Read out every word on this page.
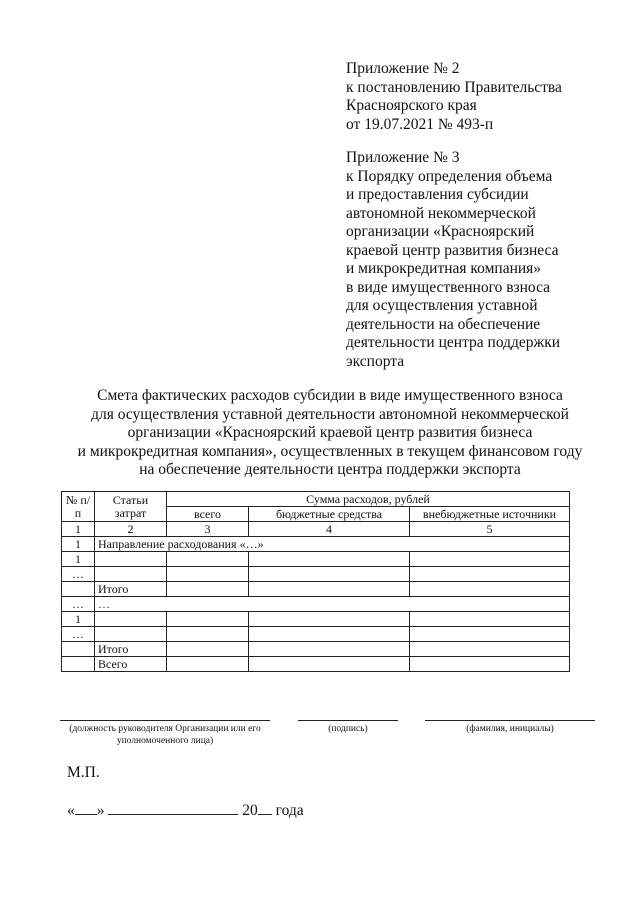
Приложение № 2
к постановлению Правительства
Красноярского края
от 19.07.2021 № 493-п
Приложение № 3
к Порядку определения объема
и предоставления субсидии
автономной некоммерческой
организации «Красноярский
краевой центр развития бизнеса
и микрокредитная компания»
в виде имущественного взноса
для осуществления уставной
деятельности на обеспечение
деятельности центра поддержки
экспорта
Смета фактических расходов субсидии в виде имущественного взноса
для осуществления уставной деятельности автономной некоммерческой
организации «Красноярский краевой центр развития бизнеса
и микрокредитная компания», осуществленных в текущем финансовом году
на обеспечение деятельности центра поддержки экспорта
№ п/п	Статьи затрат	Сумма расходов, рублей		
		всего	бюджетные средства	внебюджетные источники
1	2	3	4	5
1	Направление расходования «…»			
1				
…				
	Итого			
…	…			
1				
…				
	Итого			
	Всего			
(должность руководителя Организации или его уполномоченного лица)
(подпись)	(фамилия, инициалы)
М.П.
« »	20 года
